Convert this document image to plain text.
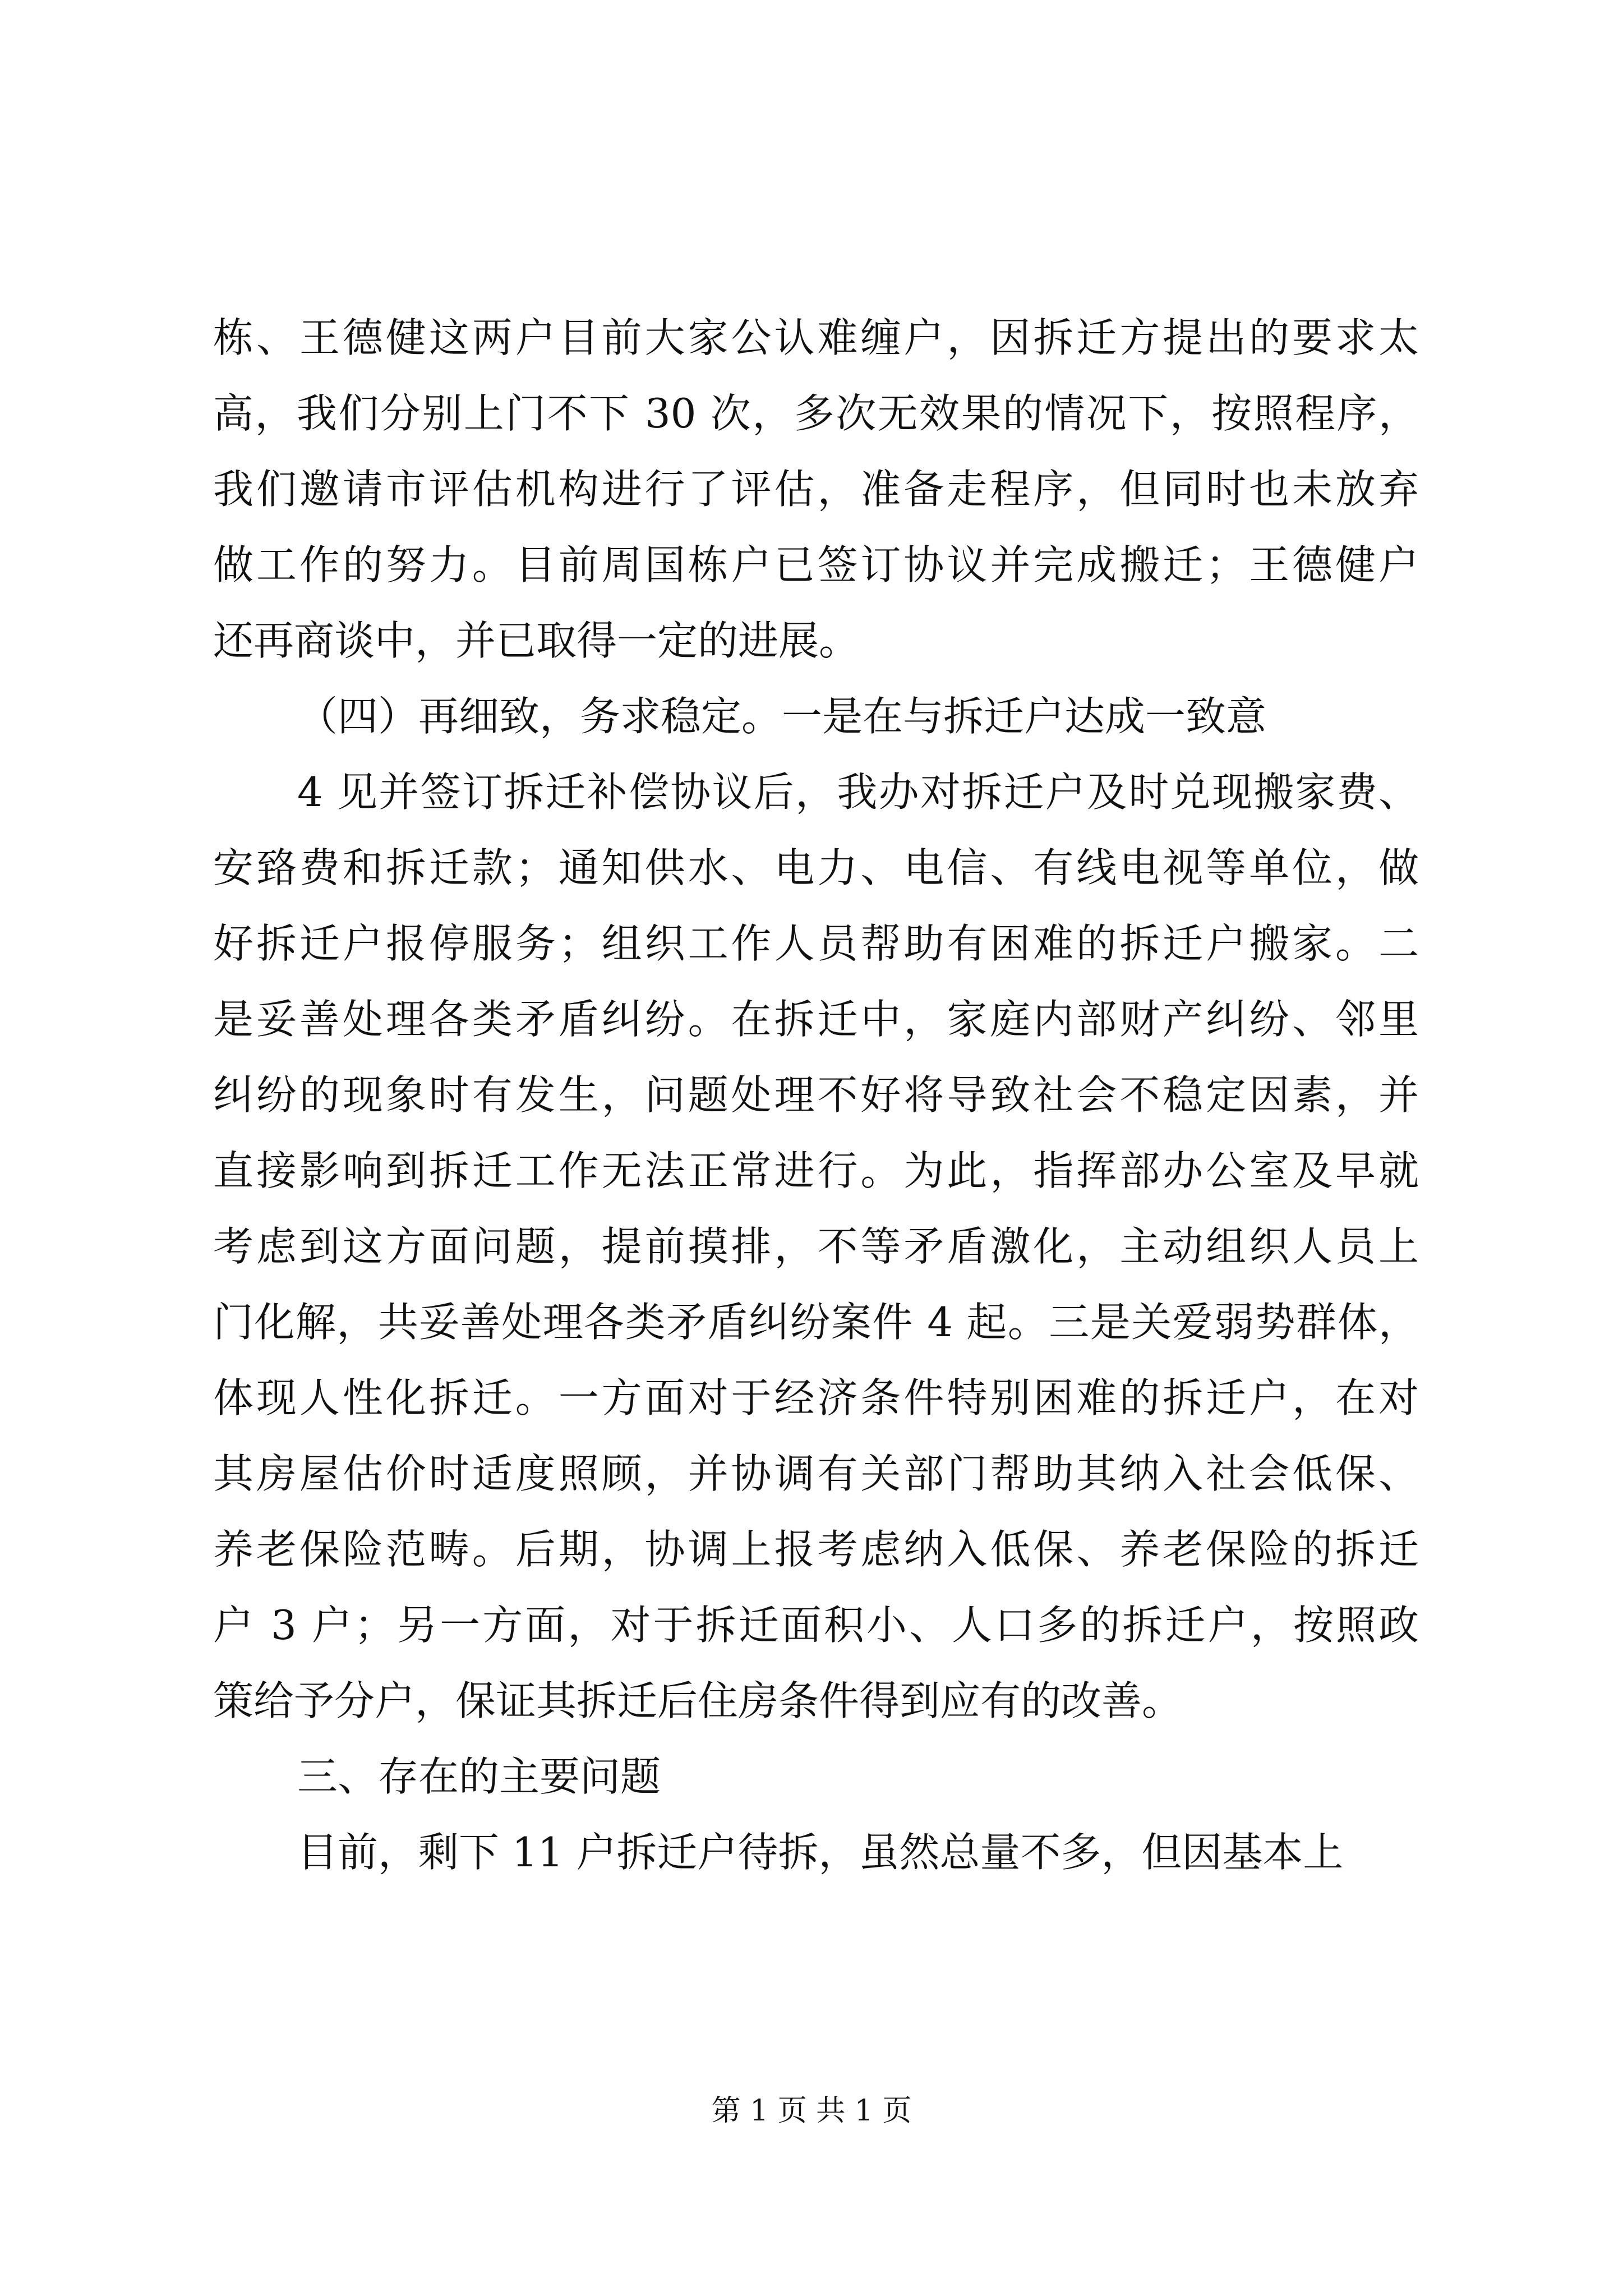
栋、王德健这两户目前大家公认难缠户，因拆迁方提出的要求太
高，我们分别上门不下 30 次，多次无效果的情况下，按照程序，
我们邀请市评估机构进行了评估，准备走程序，但同时也未放弃
做工作的努力。目前周国栋户已签订协议并完成搬迁；王德健户
还再商谈中，并已取得一定的进展。
（四）再细致，务求稳定。一是在与拆迁户达成一致意
4 见并签订拆迁补偿协议后，我办对拆迁户及时兑现搬家费、
安臵费和拆迁款；通知供水、电力、电信、有线电视等单位，做
好拆迁户报停服务；组织工作人员帮助有困难的拆迁户搬家。二
是妥善处理各类矛盾纠纷。在拆迁中，家庭内部财产纠纷、邻里
纠纷的现象时有发生，问题处理不好将导致社会不稳定因素，并
直接影响到拆迁工作无法正常进行。为此，指挥部办公室及早就
考虑到这方面问题，提前摸排，不等矛盾激化，主动组织人员上
门化解，共妥善处理各类矛盾纠纷案件 4 起。三是关爱弱势群体，
体现人性化拆迁。一方面对于经济条件特别困难的拆迁户，在对
其房屋估价时适度照顾，并协调有关部门帮助其纳入社会低保、
养老保险范畴。后期，协调上报考虑纳入低保、养老保险的拆迁
户 3 户；另一方面，对于拆迁面积小、人口多的拆迁户，按照政
策给予分户，保证其拆迁后住房条件得到应有的改善。
三、存在的主要问题
目前，剩下 11 户拆迁户待拆，虽然总量不多，但因基本上
第 1 页 共 1 页
